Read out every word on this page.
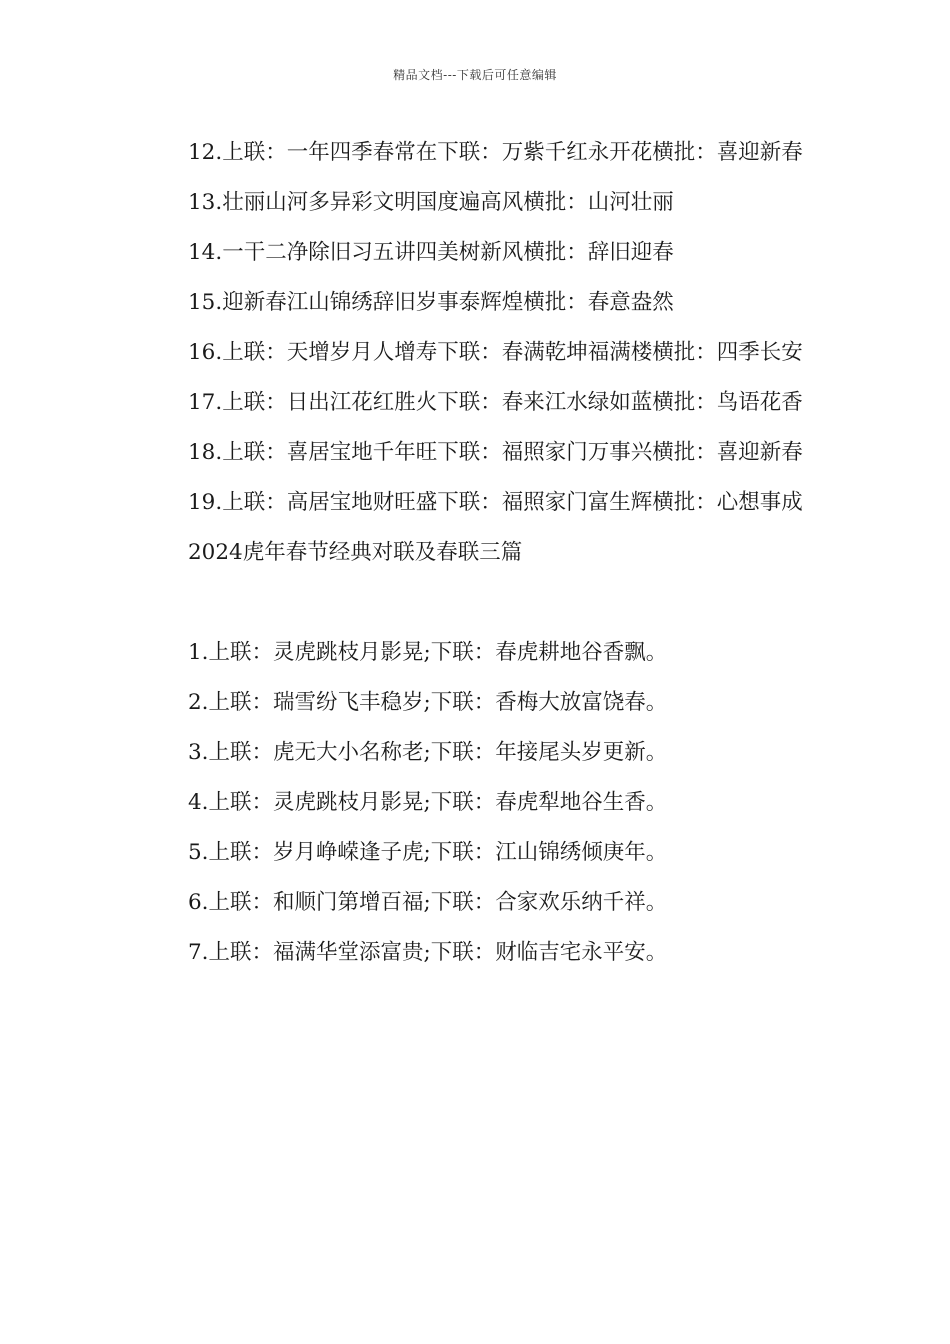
精品文档---下载后可任意编辑

12.上联：一年四季春常在下联：万紫千红永开花横批：喜迎新春

13.壮丽山河多异彩文明国度遍高风横批：山河壮丽

14.一干二净除旧习五讲四美树新风横批：辞旧迎春

15.迎新春江山锦绣辞旧岁事泰辉煌横批：春意盎然

16.上联：天增岁月人增寿下联：春满乾坤福满楼横批：四季长安

17.上联：日出江花红胜火下联：春来江水绿如蓝横批：鸟语花香

18.上联：喜居宝地千年旺下联：福照家门万事兴横批：喜迎新春

19.上联：高居宝地财旺盛下联：福照家门富生辉横批：心想事成

2024虎年春节经典对联及春联三篇

1.上联：灵虎跳枝月影晃;下联：春虎耕地谷香飘。

2.上联：瑞雪纷飞丰稳岁;下联：香梅大放富饶春。

3.上联：虎无大小名称老;下联：年接尾头岁更新。

4.上联：灵虎跳枝月影晃;下联：春虎犁地谷生香。

5.上联：岁月峥嵘逢子虎;下联：江山锦绣倾庚年。

6.上联：和顺门第增百福;下联：合家欢乐纳千祥。

7.上联：福满华堂添富贵;下联：财临吉宅永平安。
